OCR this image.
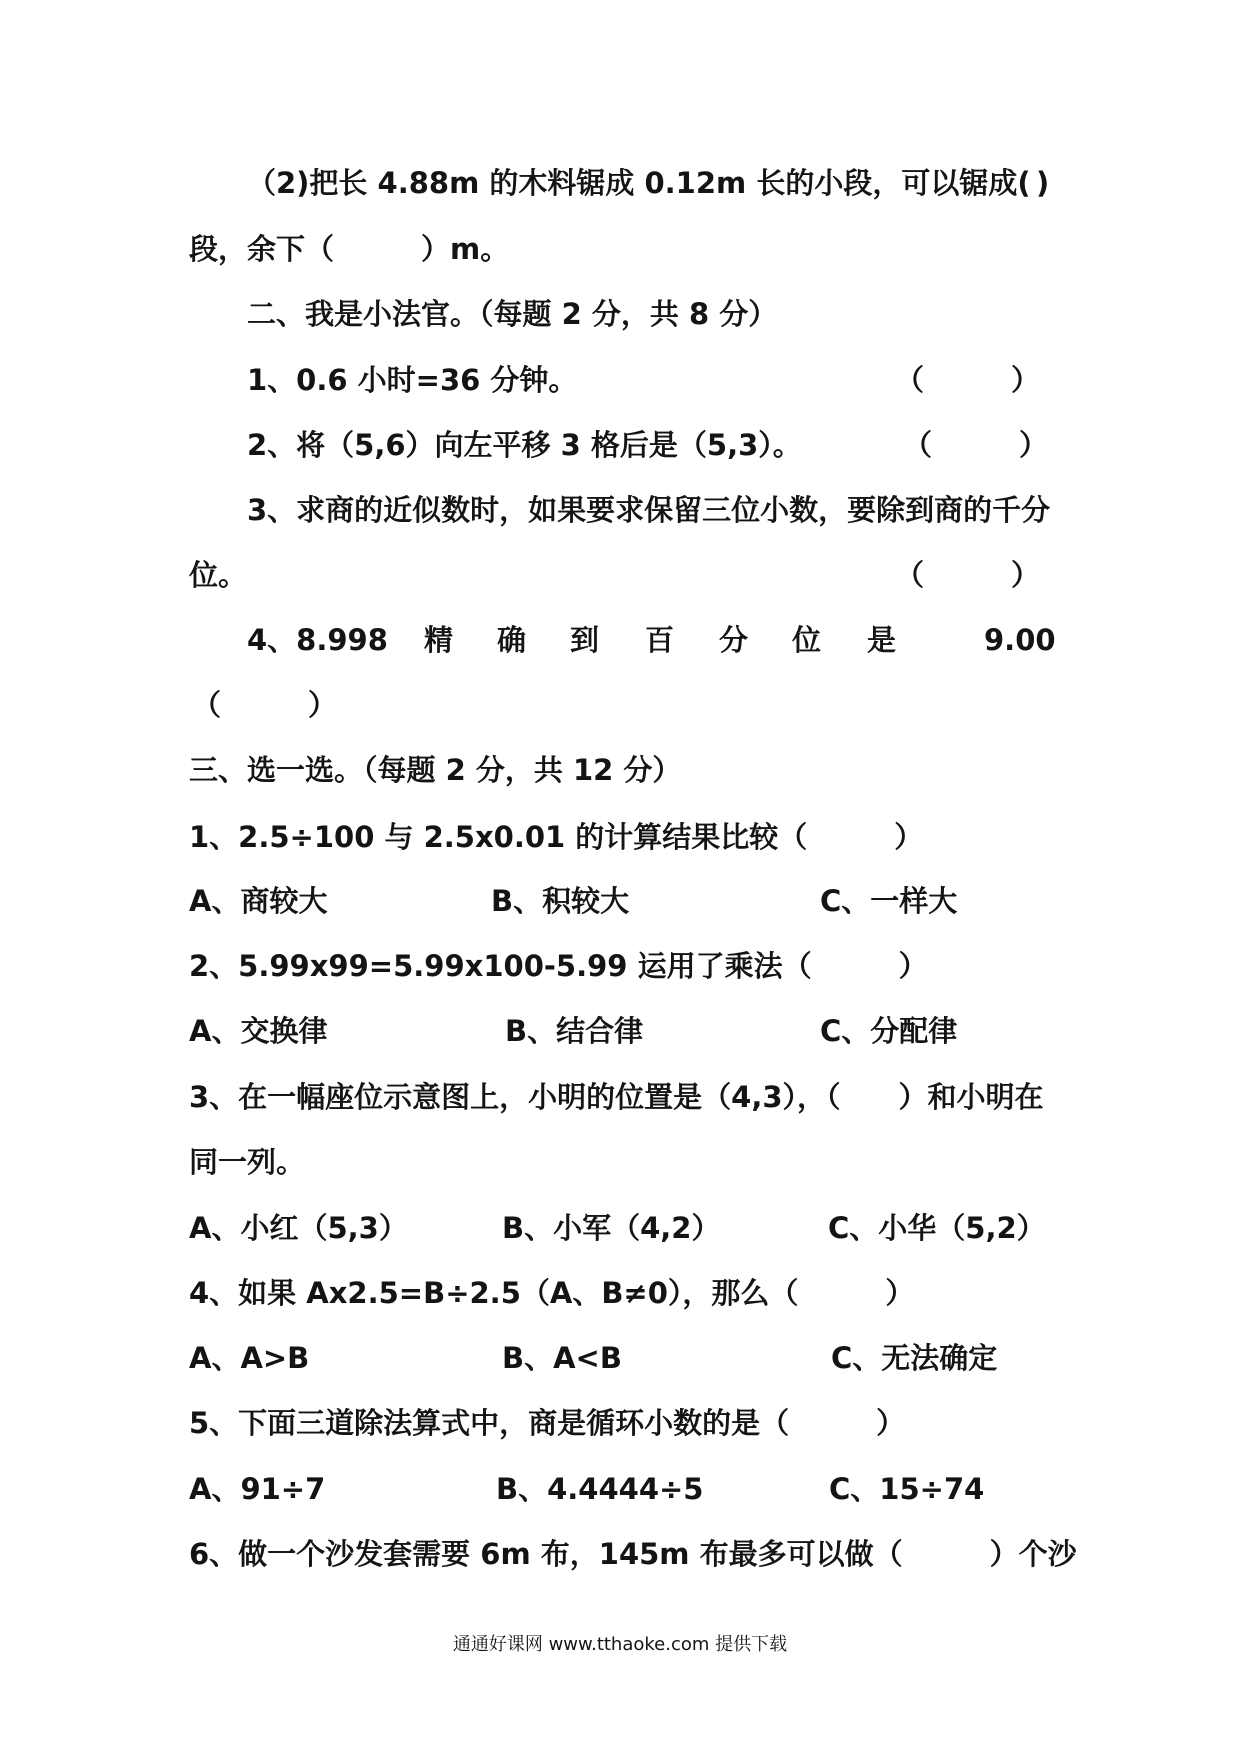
（2)把长 4.88m 的木料锯成 0.12m 长的小段，可以锯成( )
段，余下（　　　）m。
二、我是小法官。（每题 2 分，共 8 分）
1、0.6 小时=36 分钟。	（　　　）
2、将（5,6）向左平移 3 格后是（5,3）。	（　　　）
3、求商的近似数时，如果要求保留三位小数，要除到商的千分
位。	（　　　）
4、8.998 精 确 到 百 分 位 是	9.00
（　　　）
三、选一选。（每题 2 分，共 12 分）
1、2.5÷100 与 2.5x0.01 的计算结果比较（　　　）
A、商较大	B、积较大	C、一样大
2、5.99x99=5.99x100-5.99 运用了乘法（　　　）
A、交换律	B、结合律	C、分配律
3、在一幅座位示意图上，小明的位置是（4,3），（　　）和小明在
同一列。
A、小红（5,3）	B、小军（4,2）	C、小华（5,2）
4、如果 Ax2.5=B÷2.5（A、B≠0），那么（　　　）
A、A>B	B、A<B	C、无法确定
5、下面三道除法算式中，商是循环小数的是（　　　）
A、91÷7	B、4.4444÷5	C、15÷74
6、做一个沙发套需要 6m 布，145m 布最多可以做（　　　）个沙
通通好课网 www.tthaoke.com 提供下载
